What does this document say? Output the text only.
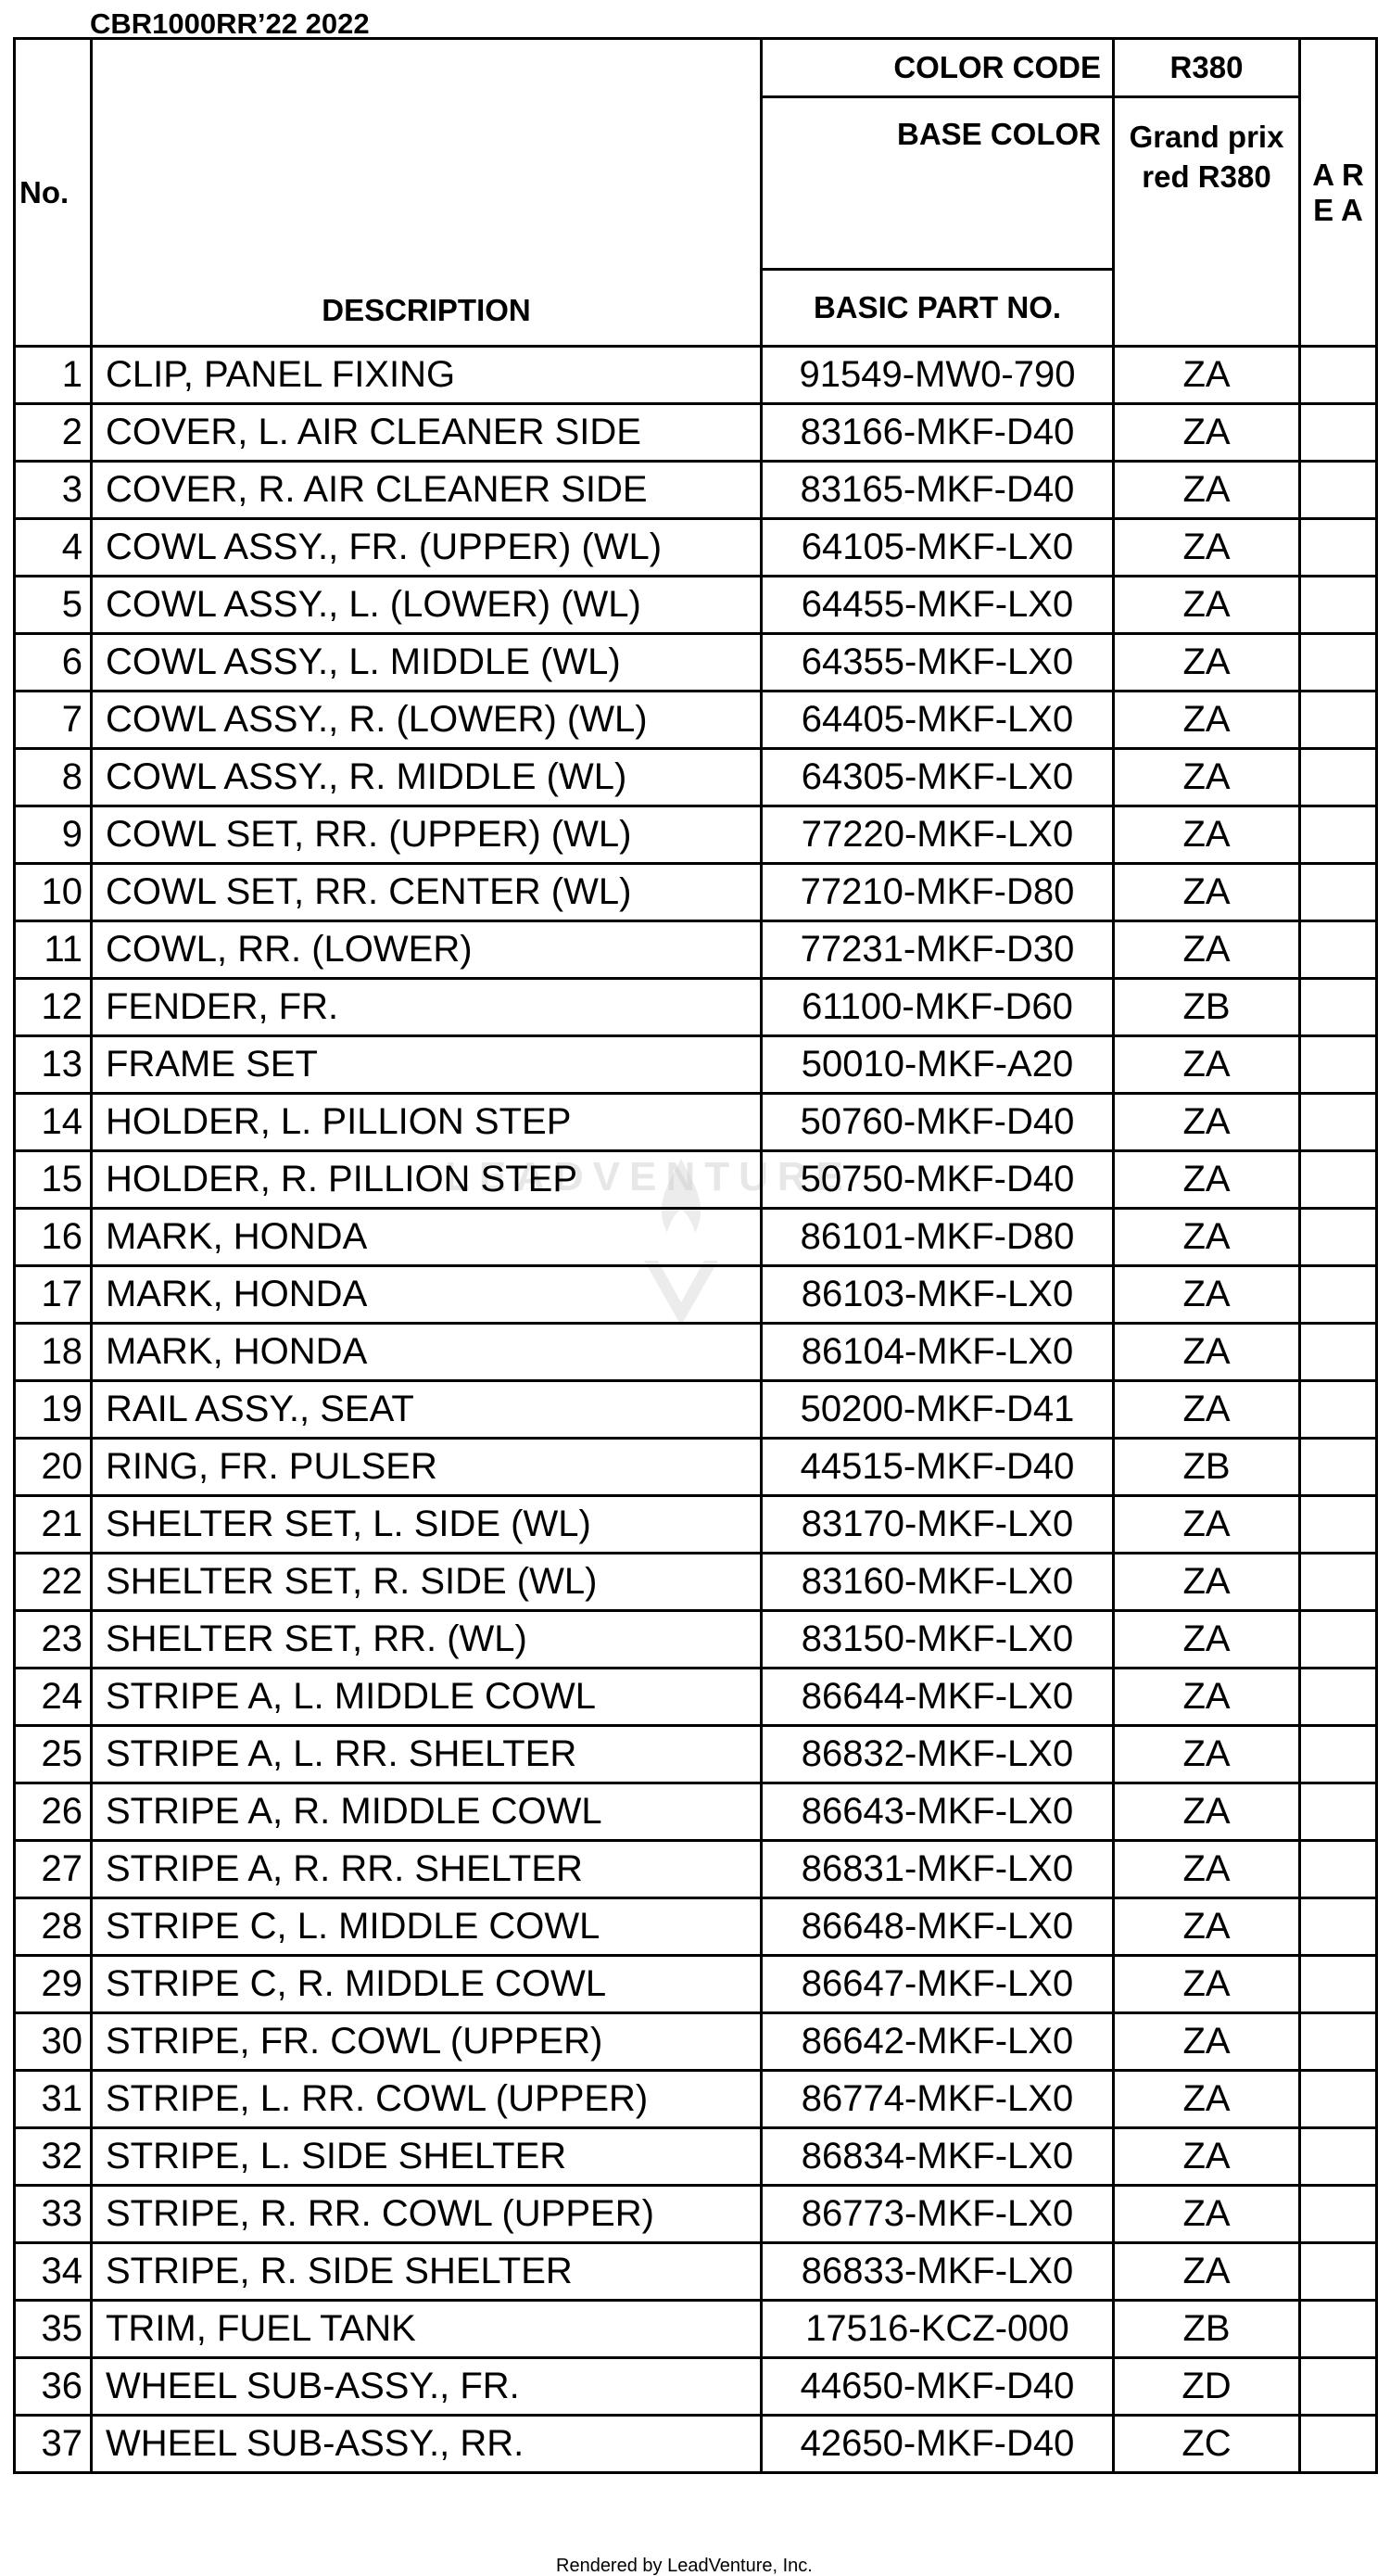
CBR1000RR’22 2022
LEADVENTURE
No.	DESCRIPTION	COLOR CODE	R380	A R E A
		BASE COLOR	Grand prix red R380	
		BASIC PART NO.		
1	CLIP, PANEL FIXING	91549-MW0-790	ZA	
2	COVER, L. AIR CLEANER SIDE	83166-MKF-D40	ZA	
3	COVER, R. AIR CLEANER SIDE	83165-MKF-D40	ZA	
4	COWL ASSY., FR. (UPPER) (WL)	64105-MKF-LX0	ZA	
5	COWL ASSY., L. (LOWER) (WL)	64455-MKF-LX0	ZA	
6	COWL ASSY., L. MIDDLE (WL)	64355-MKF-LX0	ZA	
7	COWL ASSY., R. (LOWER) (WL)	64405-MKF-LX0	ZA	
8	COWL ASSY., R. MIDDLE (WL)	64305-MKF-LX0	ZA	
9	COWL SET, RR. (UPPER) (WL)	77220-MKF-LX0	ZA	
10	COWL SET, RR. CENTER (WL)	77210-MKF-D80	ZA	
11	COWL, RR. (LOWER)	77231-MKF-D30	ZA	
12	FENDER, FR.	61100-MKF-D60	ZB	
13	FRAME SET	50010-MKF-A20	ZA	
14	HOLDER, L. PILLION STEP	50760-MKF-D40	ZA	
15	HOLDER, R. PILLION STEP	50750-MKF-D40	ZA	
16	MARK, HONDA	86101-MKF-D80	ZA	
17	MARK, HONDA	86103-MKF-LX0	ZA	
18	MARK, HONDA	86104-MKF-LX0	ZA	
19	RAIL ASSY., SEAT	50200-MKF-D41	ZA	
20	RING, FR. PULSER	44515-MKF-D40	ZB	
21	SHELTER SET, L. SIDE (WL)	83170-MKF-LX0	ZA	
22	SHELTER SET, R. SIDE (WL)	83160-MKF-LX0	ZA	
23	SHELTER SET, RR. (WL)	83150-MKF-LX0	ZA	
24	STRIPE A, L. MIDDLE COWL	86644-MKF-LX0	ZA	
25	STRIPE A, L. RR. SHELTER	86832-MKF-LX0	ZA	
26	STRIPE A, R. MIDDLE COWL	86643-MKF-LX0	ZA	
27	STRIPE A, R. RR. SHELTER	86831-MKF-LX0	ZA	
28	STRIPE C, L. MIDDLE COWL	86648-MKF-LX0	ZA	
29	STRIPE C, R. MIDDLE COWL	86647-MKF-LX0	ZA	
30	STRIPE, FR. COWL (UPPER)	86642-MKF-LX0	ZA	
31	STRIPE, L. RR. COWL (UPPER)	86774-MKF-LX0	ZA	
32	STRIPE, L. SIDE SHELTER	86834-MKF-LX0	ZA	
33	STRIPE, R. RR. COWL (UPPER)	86773-MKF-LX0	ZA	
34	STRIPE, R. SIDE SHELTER	86833-MKF-LX0	ZA	
35	TRIM, FUEL TANK	17516-KCZ-000	ZB	
36	WHEEL SUB-ASSY., FR.	44650-MKF-D40	ZD	
37	WHEEL SUB-ASSY., RR.	42650-MKF-D40	ZC	
Rendered by LeadVenture, Inc.
